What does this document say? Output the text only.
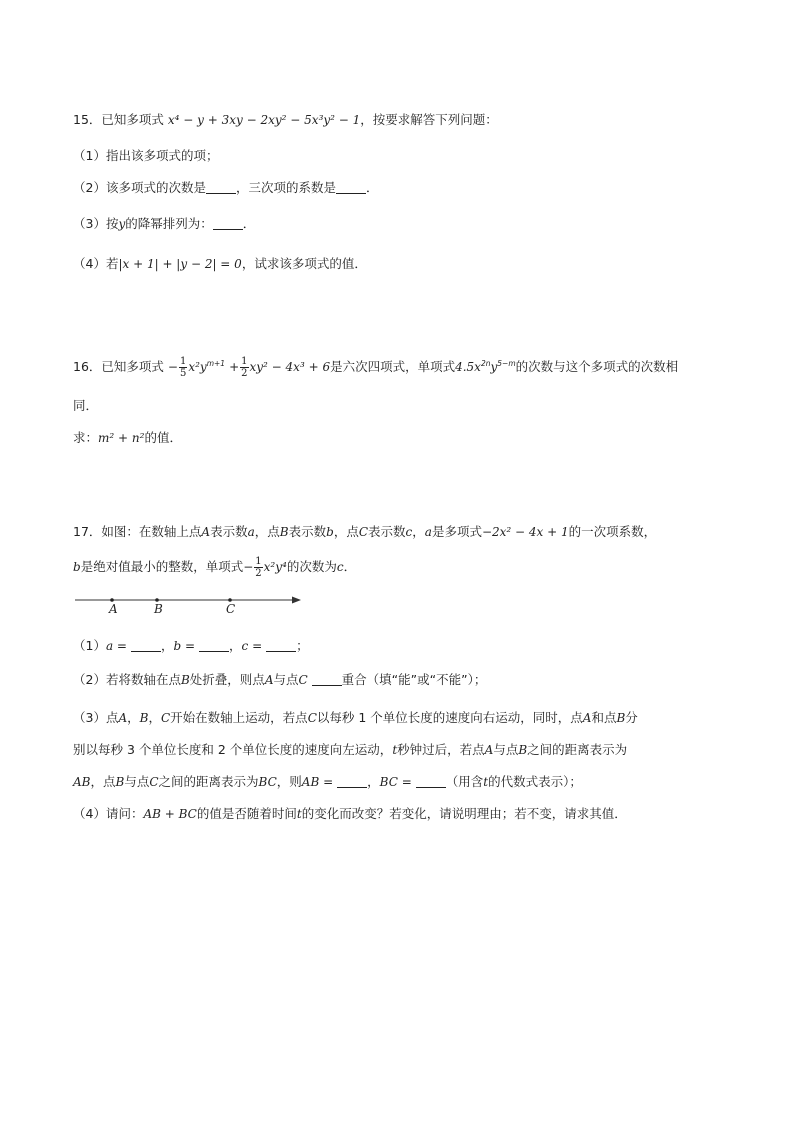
15．已知多项式 x⁴ − y + 3xy − 2xy² − 5x³y² − 1，按要求解答下列问题：
（1）指出该多项式的项；
（2）该多项式的次数是 ，三次项的系数是 ．
（3）按y的降幂排列为： ．
（4）若|x + 1| + |y − 2| = 0，试求该多项式的值．
16．已知多项式 − $\frac{1}{5} x^2y^{m+1} + \frac{1}{2} xy^2 - 4x^3 + 6$是六次四项式，单项式$4.5x^{2n}y^{5-m}$的次数与这个多项式的次数相
同．
求：m² + n²的值．
17．如图：在数轴上点A表示数a，点B表示数b，点C表示数c，a是多项式−2x² − 4x + 1的一次项系数，
b是绝对值最小的整数，单项式− $\frac{1}{2} x^2y^4$的次数为c．
A	B	C
（1）a =	，b =	，c =	；
（2）若将数轴在点B处折叠，则点A与点C	重合（填“能”或“不能”）；
（3）点A，B，C开始在数轴上运动，若点C以每秒 1 个单位长度的速度向右运动，同时，点A和点B分
别以每秒 3 个单位长度和 2 个单位长度的速度向左运动，t秒钟过后，若点A与点B之间的距离表示为
AB，点B与点C之间的距离表示为BC，则AB =	，BC =	（用含t的代数式表示）；
（4）请问：AB + BC的值是否随着时间t的变化而改变？若变化，请说明理由；若不变，请求其值．
